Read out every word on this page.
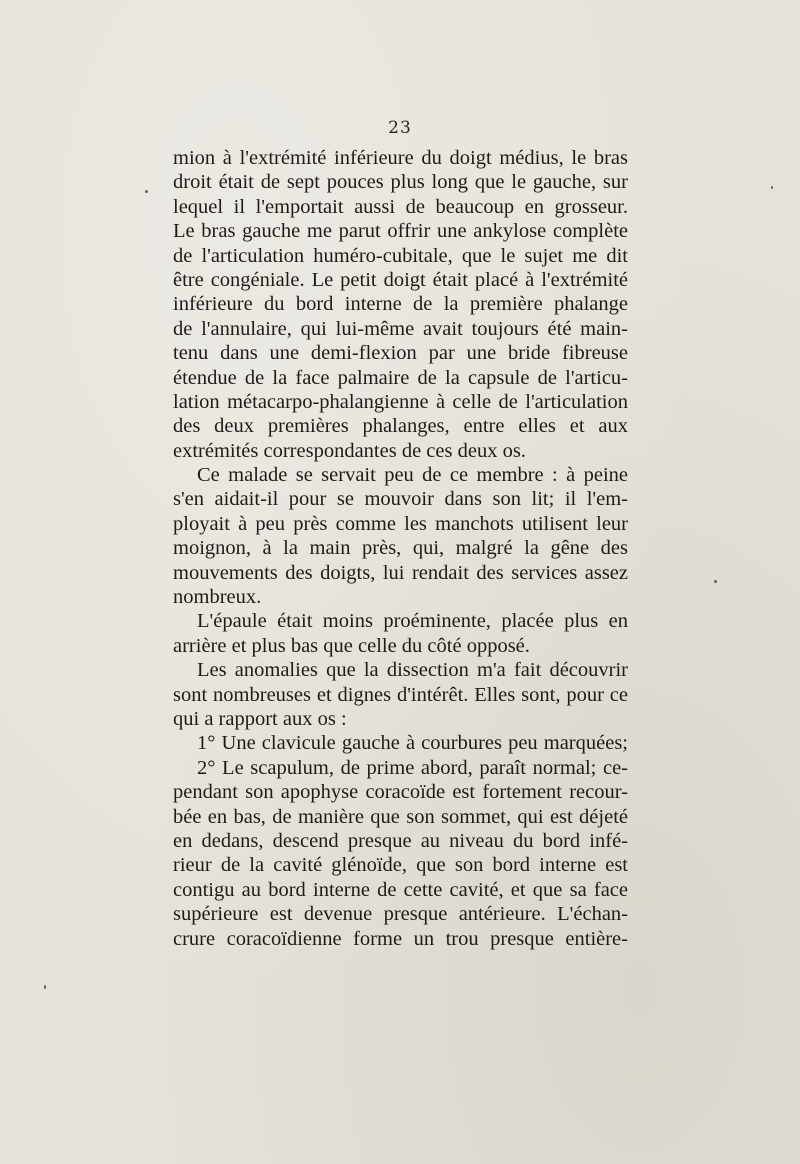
23
mion à l'extrémité inférieure du doigt médius, le bras
droit était de sept pouces plus long que le gauche, sur
lequel il l'emportait aussi de beaucoup en grosseur.
Le bras gauche me parut offrir une ankylose complète
de l'articulation huméro-cubitale, que le sujet me dit
être congéniale. Le petit doigt était placé à l'extrémité
inférieure du bord interne de la première phalange
de l'annulaire, qui lui-même avait toujours été main-
tenu dans une demi-flexion par une bride fibreuse
étendue de la face palmaire de la capsule de l'articu-
lation métacarpo-phalangienne à celle de l'articulation
des deux premières phalanges, entre elles et aux
extrémités correspondantes de ces deux os.
Ce malade se servait peu de ce membre : à peine
s'en aidait-il pour se mouvoir dans son lit; il l'em-
ployait à peu près comme les manchots utilisent leur
moignon, à la main près, qui, malgré la gêne des
mouvements des doigts, lui rendait des services assez
nombreux.
L'épaule était moins proéminente, placée plus en
arrière et plus bas que celle du côté opposé.
Les anomalies que la dissection m'a fait découvrir
sont nombreuses et dignes d'intérêt. Elles sont, pour ce
qui a rapport aux os :
1° Une clavicule gauche à courbures peu marquées;
2° Le scapulum, de prime abord, paraît normal; ce-
pendant son apophyse coracoïde est fortement recour-
bée en bas, de manière que son sommet, qui est déjeté
en dedans, descend presque au niveau du bord infé-
rieur de la cavité glénoïde, que son bord interne est
contigu au bord interne de cette cavité, et que sa face
supérieure est devenue presque antérieure. L'échan-
crure coracoïdienne forme un trou presque entière-
